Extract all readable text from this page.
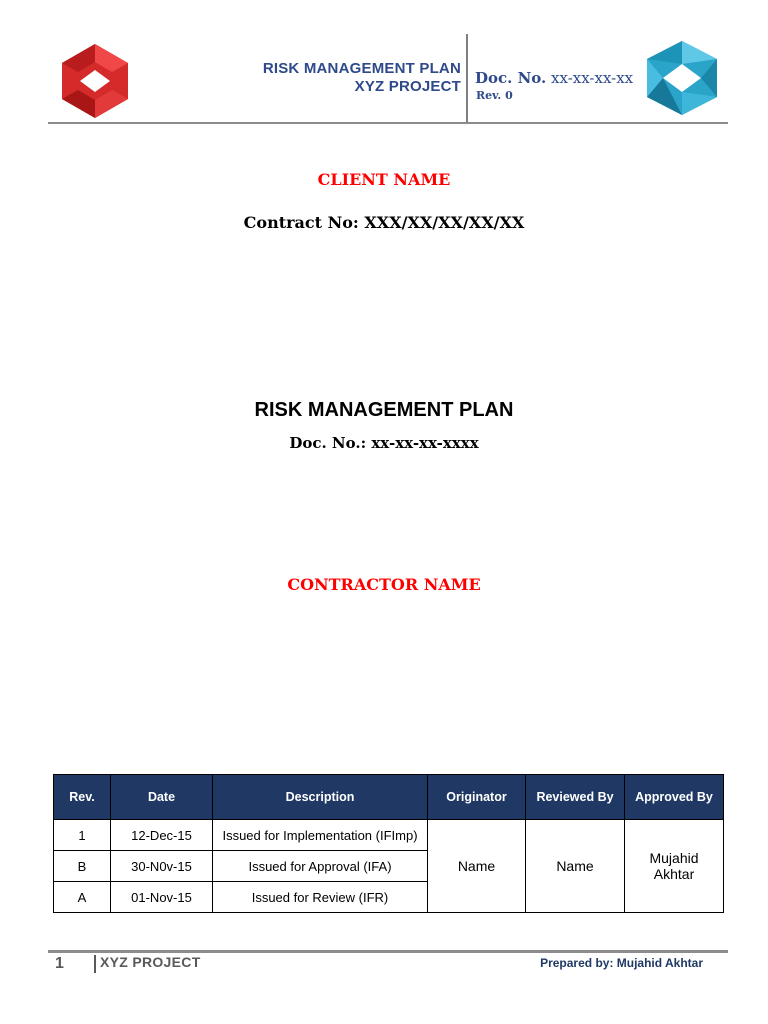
RISK MANAGEMENT PLAN
XYZ PROJECT Doc. No. xx-xx-xx-xx
Rev. 0
CLIENT NAME
Contract No: XXX/XX/XX/XX/XX
RISK MANAGEMENT PLAN
Doc. No.: xx-xx-xx-xxxx
CONTRACTOR NAME
Rev.	Date	Description	Originator	Reviewed By	Approved By
1	12-Dec-15	Issued for Implementation (IFImp)	Name	Name	Mujahid Akhtar

B	30-N0v-15	Issued for Approval (IFA)			
A	01-Nov-15	Issued for Review (IFR)			
1	XYZ PROJECT	Prepared by: Mujahid Akhtar
